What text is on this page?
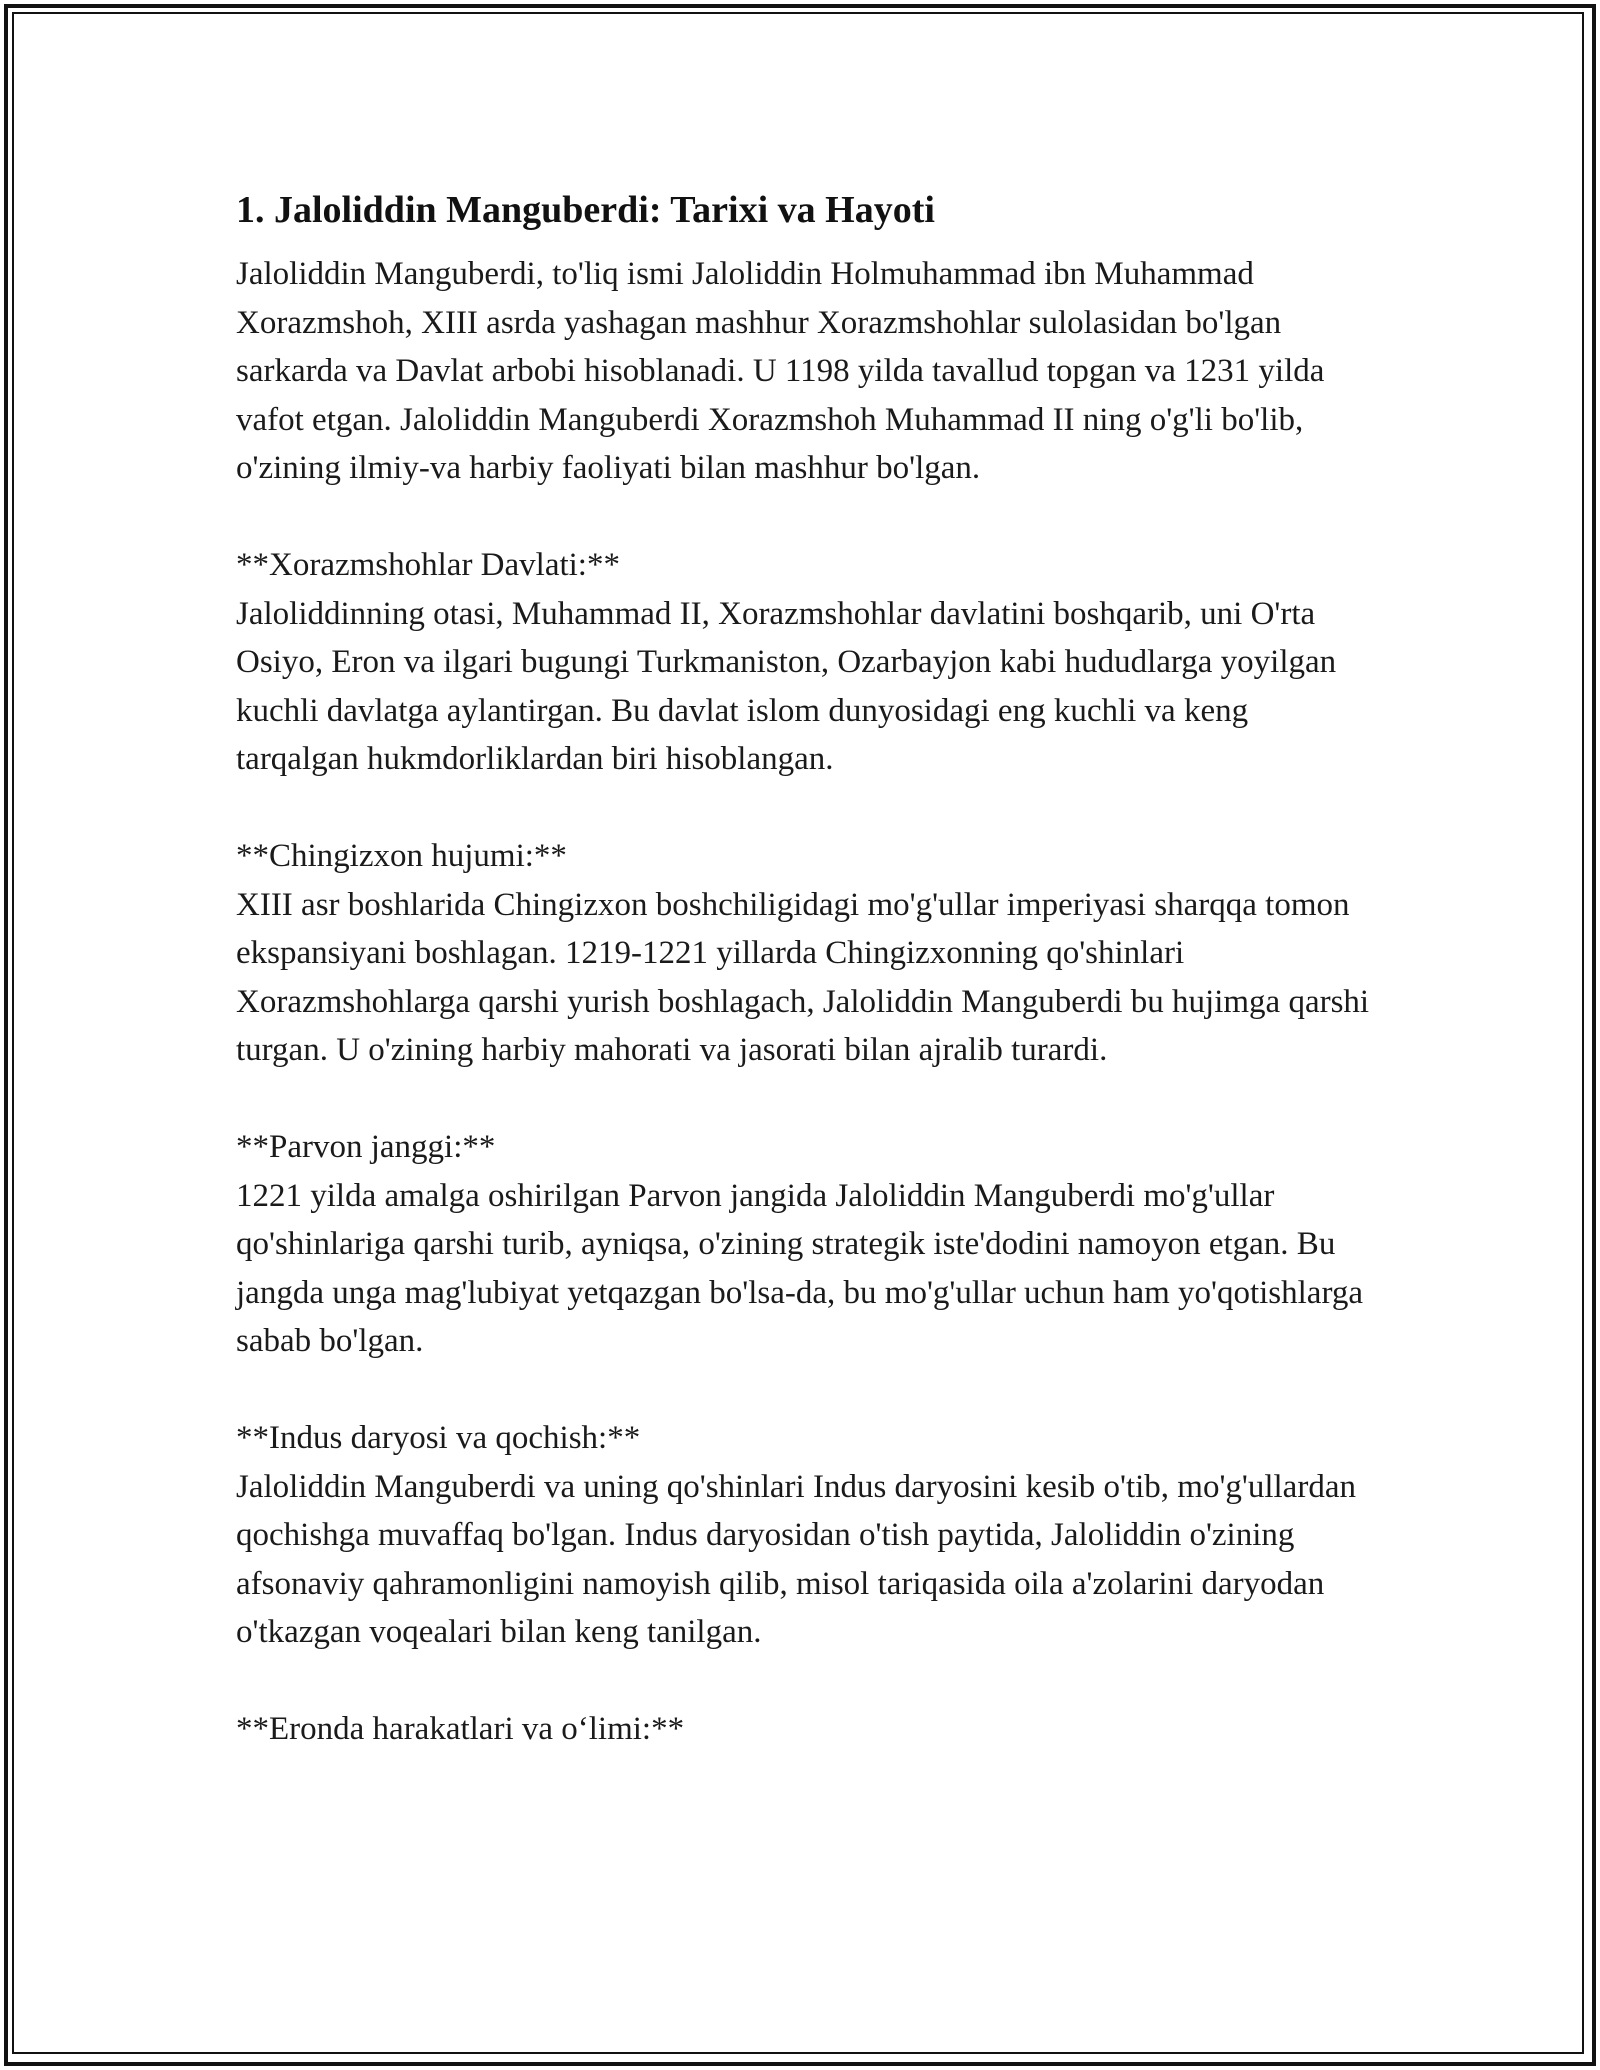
1. Jaloliddin Manguberdi: Tarixi va Hayoti

Jaloliddin Manguberdi, to'liq ismi Jaloliddin Holmuhammad ibn Muhammad Xorazmshoh, XIII asrda yashagan mashhur Xorazmshohlar sulolasidan bo'lgan sarkarda va Davlat arbobi hisoblanadi. U 1198 yilda tavallud topgan va 1231 yilda vafot etgan. Jaloliddin Manguberdi Xorazmshoh Muhammad II ning o'g'li bo'lib, o'zining ilmiy-va harbiy faoliyati bilan mashhur bo'lgan.

**Xorazmshohlar Davlati:**

Jaloliddinning otasi, Muhammad II, Xorazmshohlar davlatini boshqarib, uni O'rta Osiyo, Eron va ilgari bugungi Turkmaniston, Ozarbayjon kabi hududlarga yoyilgan kuchli davlatga aylantirgan. Bu davlat islom dunyosidagi eng kuchli va keng tarqalgan hukmdorliklardan biri hisoblangan.

**Chingizxon hujumi:**

XIII asr boshlarida Chingizxon boshchiligidagi mo'g'ullar imperiyasi sharqqa tomon ekspansiyani boshlagan. 1219-1221 yillarda Chingizxonning qo'shinlari Xorazmshohlarga qarshi yurish boshlagach, Jaloliddin Manguberdi bu hujimga qarshi turgan. U o'zining harbiy mahorati va jasorati bilan ajralib turardi.

**Parvon janggi:**

1221 yilda amalga oshirilgan Parvon jangida Jaloliddin Manguberdi mo'g'ullar qo'shinlariga qarshi turib, ayniqsa, o'zining strategik iste'dodini namoyon etgan. Bu jangda unga mag'lubiyat yetqazgan bo'lsa-da, bu mo'g'ullar uchun ham yo'qotishlarga sabab bo'lgan.

**Indus daryosi va qochish:**

Jaloliddin Manguberdi va uning qo'shinlari Indus daryosini kesib o'tib, mo'g'ullardan qochishga muvaffaq bo'lgan. Indus daryosidan o'tish paytida, Jaloliddin o'zining afsonaviy qahramonligini namoyish qilib, misol tariqasida oila a'zolarini daryodan o'tkazgan voqealari bilan keng tanilgan.

**Eronda harakatlari va o‘limi:**
